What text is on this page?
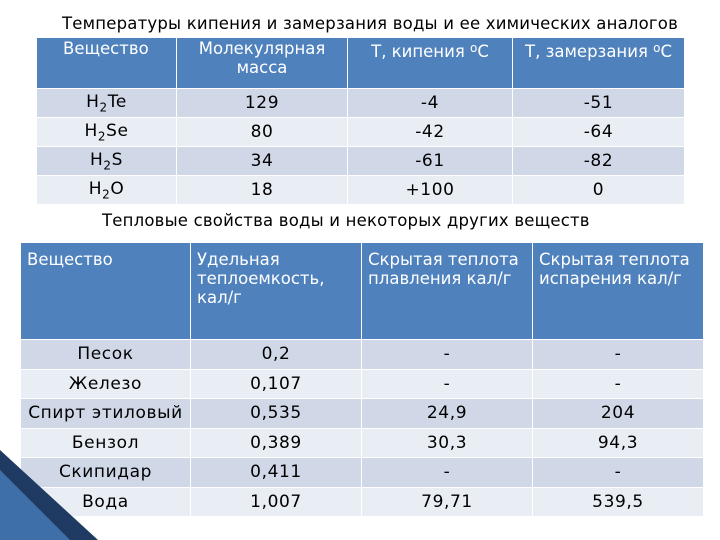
Температуры кипения и замерзания воды и ее химических аналогов
Вещество	Молекулярная масса	Т, кипения $^о$С	Т, замерзания $^о$С
$H_2Te$	129	-4	-51
$H_2Se$	80	-42	-64
$H_2S$	34	-61	-82
$H_2O$	18	+100	0
Тепловые свойства воды и некоторых других веществ
Вещество	Удельная теплоемкость, кал/г	Скрытая теплота плавления кал/г	Скрытая теплота испарения кал/г
Песок	0,2	-	-
Железо	0,107	-	-
Спирт этиловый	0,535	24,9	204
Бензол	0,389	30,3	94,3
Скипидар	0,411	-	-
Вода	1,007	79,71	539,5
